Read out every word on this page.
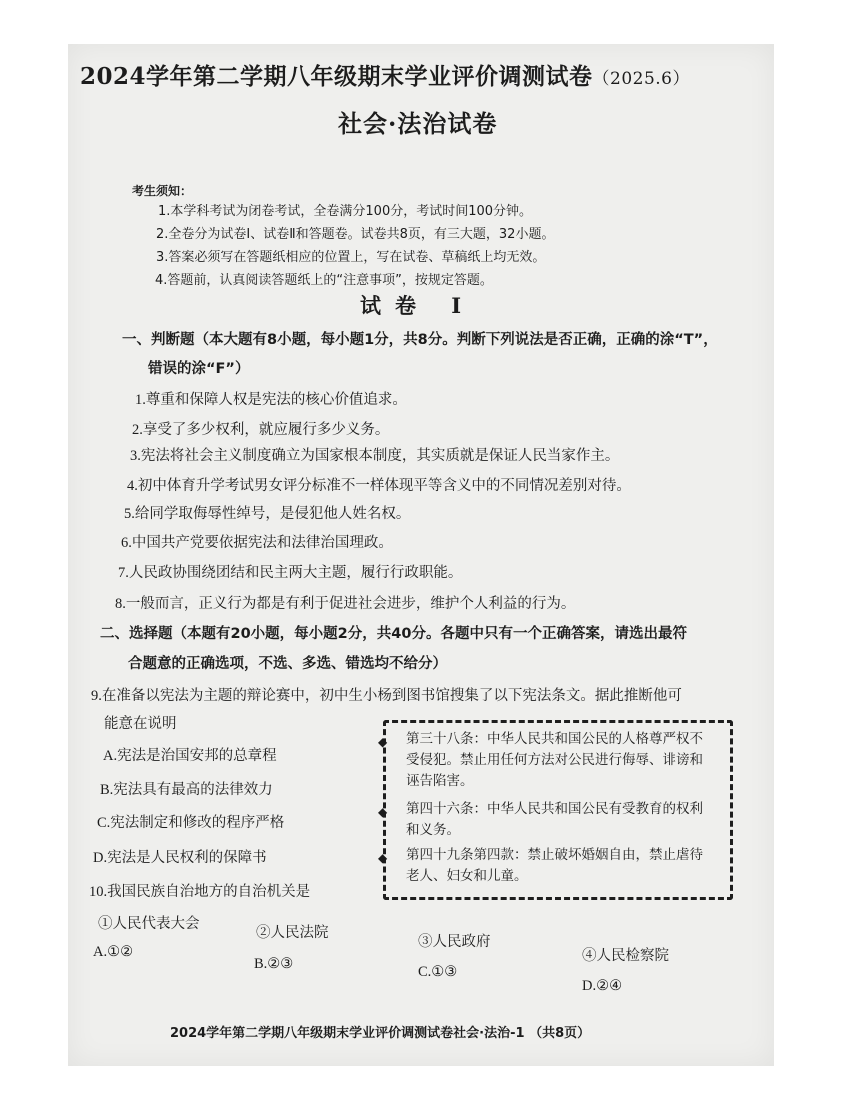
2024学年第二学期八年级期末学业评价调测试卷（2025.6）
社会·法治试卷
考生须知：
1.本学科考试为闭卷考试，全卷满分100分，考试时间100分钟。
2.全卷分为试卷Ⅰ、试卷Ⅱ和答题卷。试卷共8页，有三大题，32小题。
3.答案必须写在答题纸相应的位置上，写在试卷、草稿纸上均无效。
4.答题前，认真阅读答题纸上的“注意事项”，按规定答题。
试卷 Ⅰ
一、判断题（本大题有8小题，每小题1分，共8分。判断下列说法是否正确，正确的涂“T”，
错误的涂“F”）
1.尊重和保障人权是宪法的核心价值追求。
2.享受了多少权利，就应履行多少义务。
3.宪法将社会主义制度确立为国家根本制度，其实质就是保证人民当家作主。
4.初中体育升学考试男女评分标准不一样体现平等含义中的不同情况差别对待。
5.给同学取侮辱性绰号，是侵犯他人姓名权。
6.中国共产党要依据宪法和法律治国理政。
7.人民政协围绕团结和民主两大主题，履行行政职能。
8.一般而言，正义行为都是有利于促进社会进步，维护个人利益的行为。
二、选择题（本题有20小题，每小题2分，共40分。各题中只有一个正确答案，请选出最符
合题意的正确选项，不选、多选、错选均不给分）
9.在准备以宪法为主题的辩论赛中，初中生小杨到图书馆搜集了以下宪法条文。据此推断他可
能意在说明
A.宪法是治国安邦的总章程
B.宪法具有最高的法律效力
C.宪法制定和修改的程序严格
D.宪法是人民权利的保障书
◆ 第三十八条：中华人民共和国公民的人格尊严权不受侵犯。禁止用任何方法对公民进行侮辱、诽谤和诬告陷害。
◆ 第四十六条：中华人民共和国公民有受教育的权利和义务。
◆ 第四十九条第四款：禁止破坏婚姻自由，禁止虐待老人、妇女和儿童。
10.我国民族自治地方的自治机关是
①人民代表大会
②人民法院
③人民政府
④人民检察院
A.①②
B.②③	C.①③
D.②④
2024学年第二学期八年级期末学业评价调测试卷社会·法治-1 （共8页）
